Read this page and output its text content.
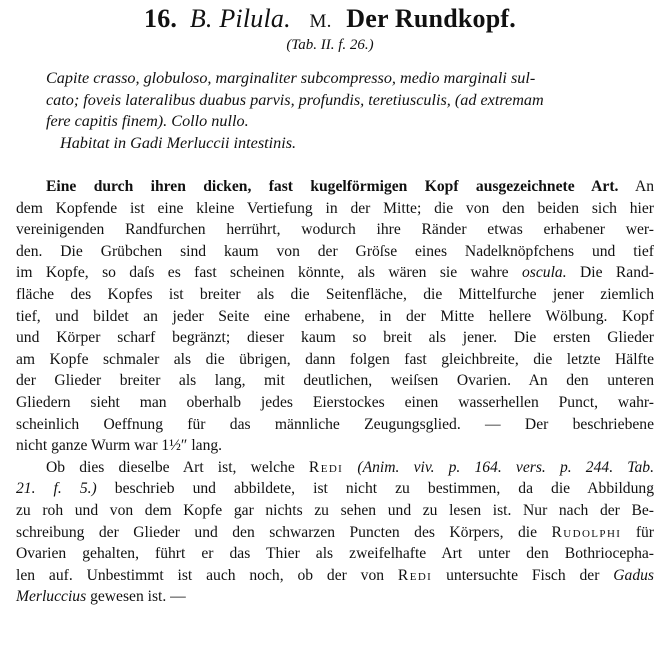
16. B. Pilula. M. Der Rundkopf.
(Tab. II. f. 26.)
Capite crasso, globuloso, marginaliter subcompresso, medio marginali sul-
cato; foveis lateralibus duabus parvis, profundis, teretiusculis, (ad extremam
fere capitis finem). Collo nullo.
Habitat in Gadi Merluccii intestinis.
Eine durch ihren dicken, fast kugelförmigen Kopf ausgezeichnete Art. An
dem Kopfende ist eine kleine Vertiefung in der Mitte; die von den beiden sich hier
vereinigenden Randfurchen herrührt, wodurch ihre Ränder etwas erhabener wer-
den. Die Grübchen sind kaum von der Gröſse eines Nadelknöpfchens und tief
im Kopfe, so daſs es fast scheinen könnte, als wären sie wahre oscula. Die Rand-
fläche des Kopfes ist breiter als die Seitenfläche, die Mittelfurche jener ziemlich
tief, und bildet an jeder Seite eine erhabene, in der Mitte hellere Wölbung. Kopf
und Körper scharf begränzt; dieser kaum so breit als jener. Die ersten Glieder
am Kopfe schmaler als die übrigen, dann folgen fast gleichbreite, die letzte Hälfte
der Glieder breiter als lang, mit deutlichen, weiſsen Ovarien. An den unteren
Gliedern sieht man oberhalb jedes Eierstockes einen wasserhellen Punct, wahr-
scheinlich Oeffnung für das männliche Zeugungsglied. — Der beschriebene
nicht ganze Wurm war 1½″ lang.
Ob dies dieselbe Art ist, welche Redi (Anim. viv. p. 164. vers. p. 244. Tab.
21. f. 5.) beschrieb und abbildete, ist nicht zu bestimmen, da die Abbildung
zu roh und von dem Kopfe gar nichts zu sehen und zu lesen ist. Nur nach der Be-
schreibung der Glieder und den schwarzen Puncten des Körpers, die Rudolphi für
Ovarien gehalten, führt er das Thier als zweifelhafte Art unter den Bothriocepha-
len auf. Unbestimmt ist auch noch, ob der von Redi untersuchte Fisch der Gadus
Merluccius gewesen ist. —
